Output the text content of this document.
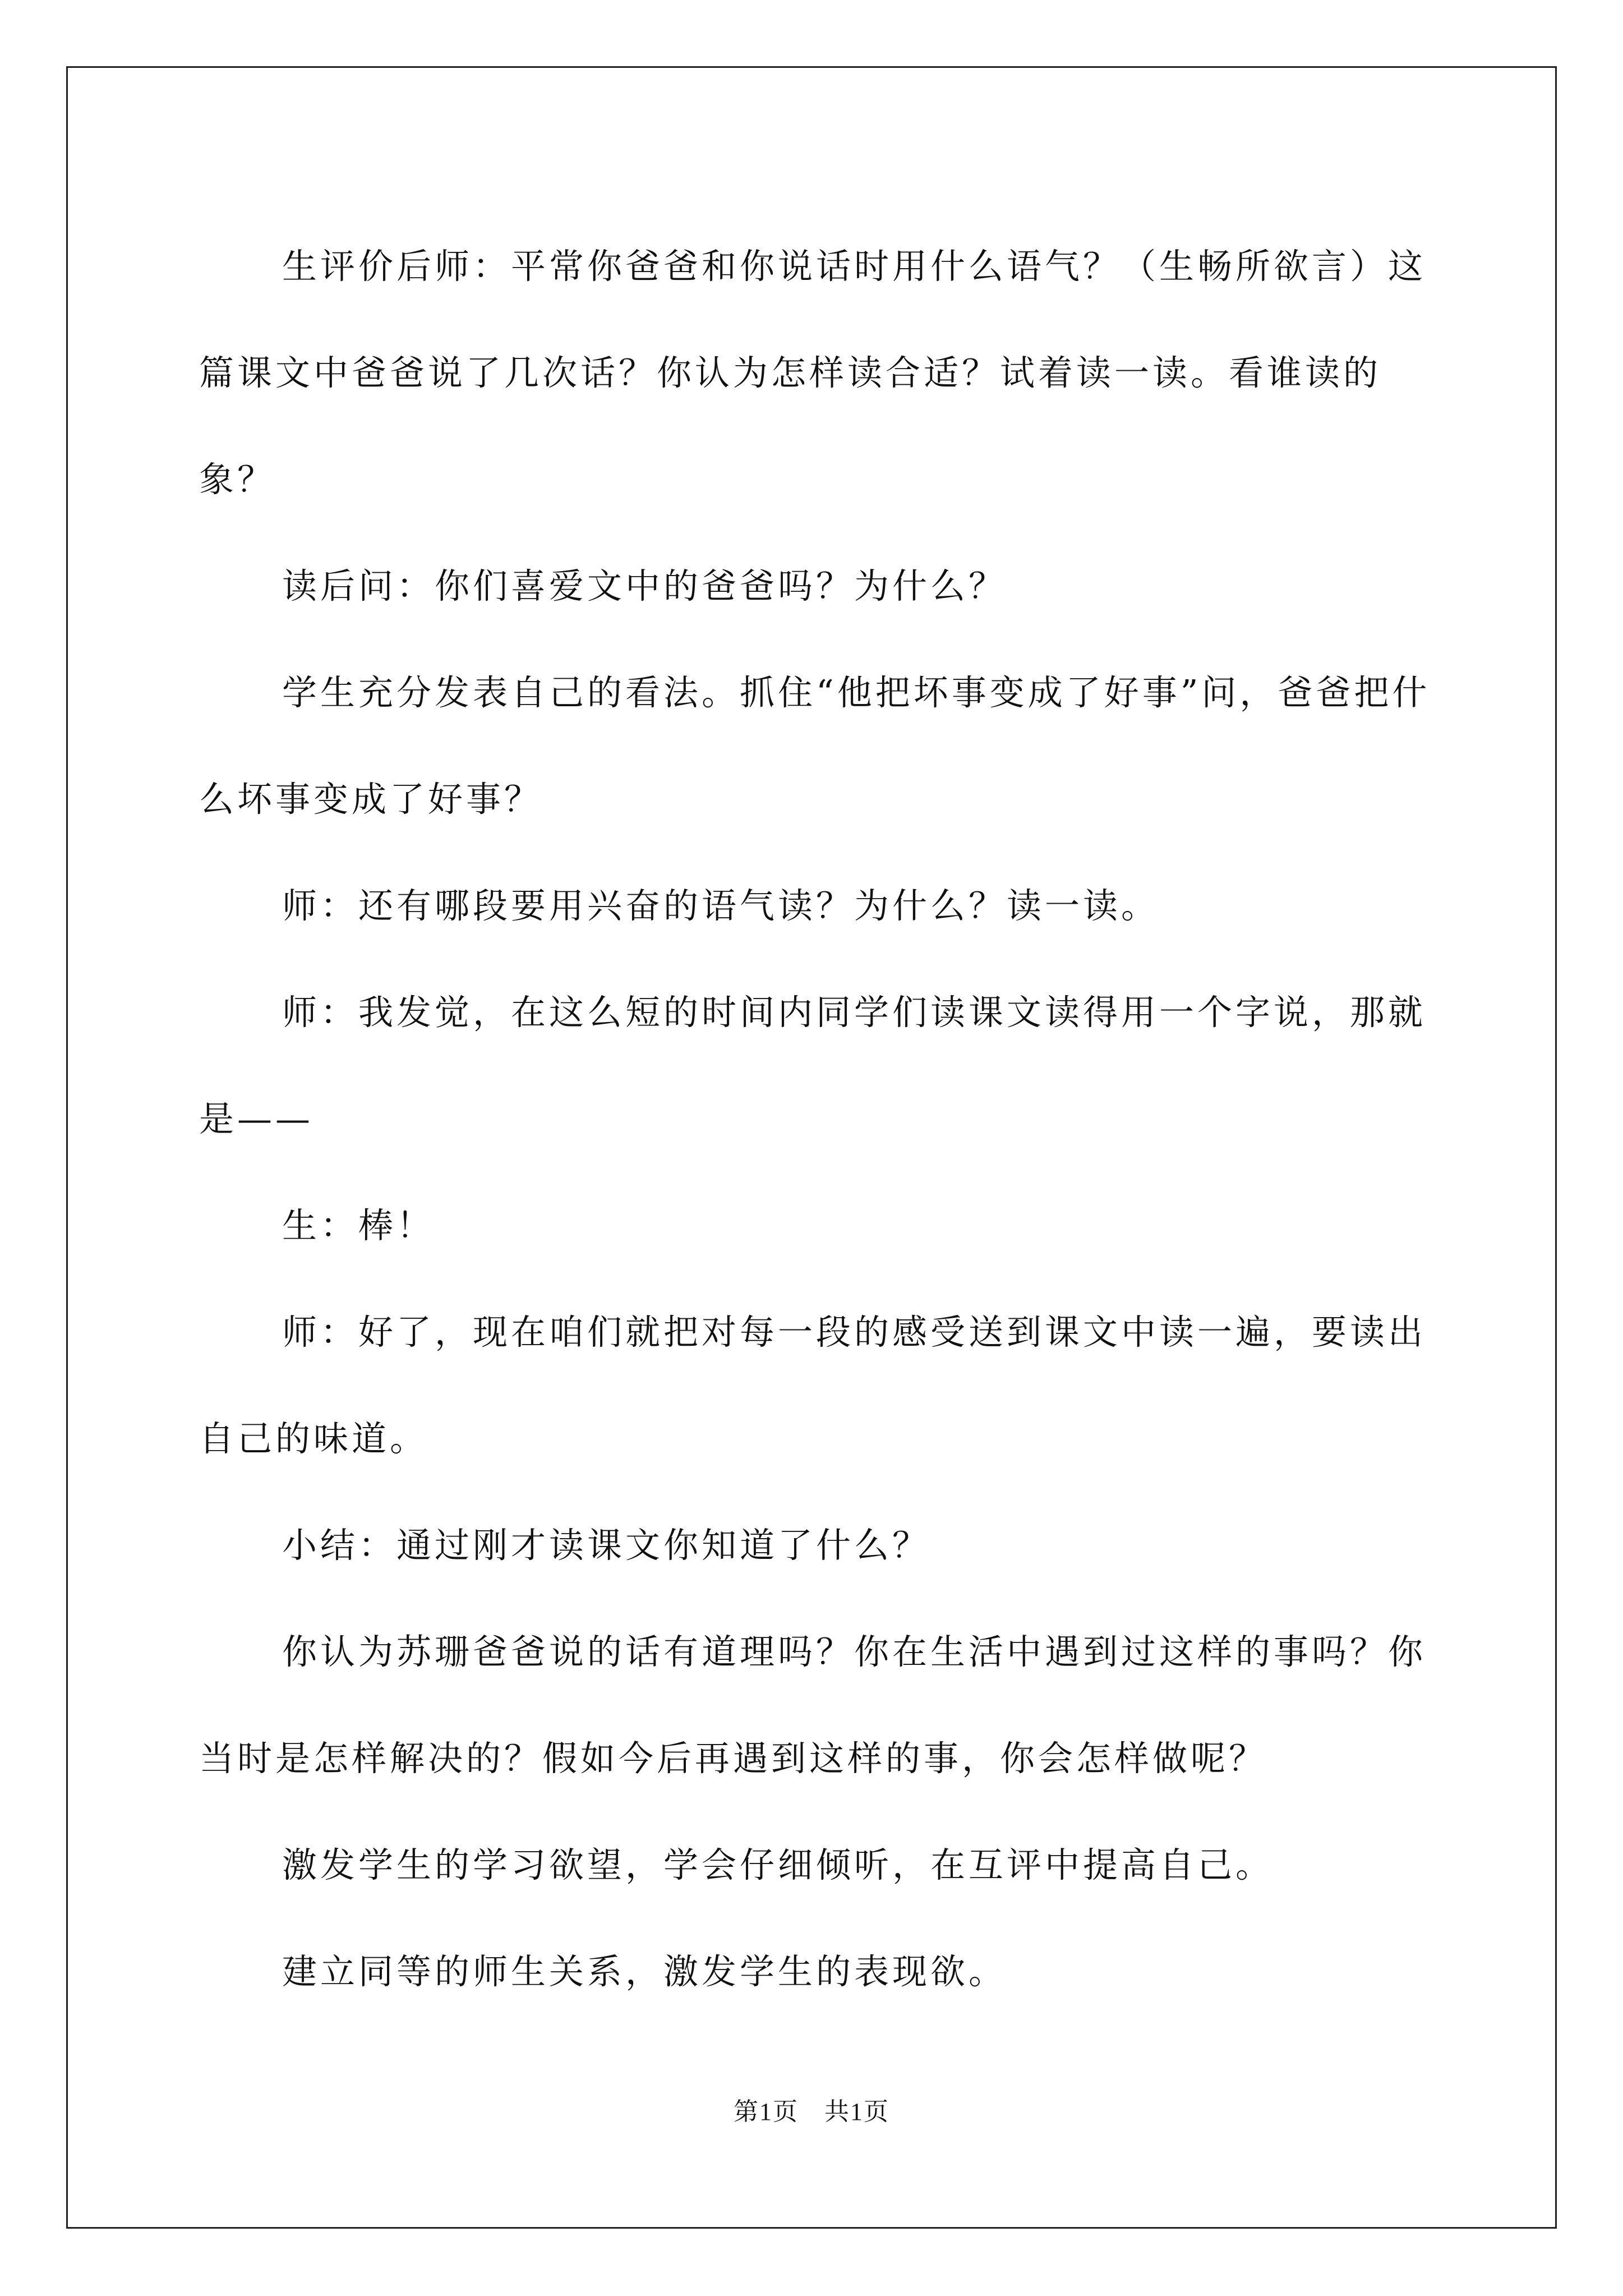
生评价后师：平常你爸爸和你说话时用什么语气？（生畅所欲言）这篇课文中爸爸说了几次话？你认为怎样读合适？试着读一读。看谁读的象？

读后问：你们喜爱文中的爸爸吗？为什么？

学生充分发表自己的看法。抓住“他把坏事变成了好事”问，爸爸把什么坏事变成了好事？

师：还有哪段要用兴奋的语气读？为什么？读一读。

师：我发觉，在这么短的时间内同学们读课文读得用一个字说，那就是——

生：棒！

师：好了，现在咱们就把对每一段的感受送到课文中读一遍，要读出自己的味道。

小结：通过刚才读课文你知道了什么？

你认为苏珊爸爸说的话有道理吗？你在生活中遇到过这样的事吗？你当时是怎样解决的？假如今后再遇到这样的事，你会怎样做呢？

激发学生的学习欲望，学会仔细倾听，在互评中提高自己。

建立同等的师生关系，激发学生的表现欲。

第1页　共1页
